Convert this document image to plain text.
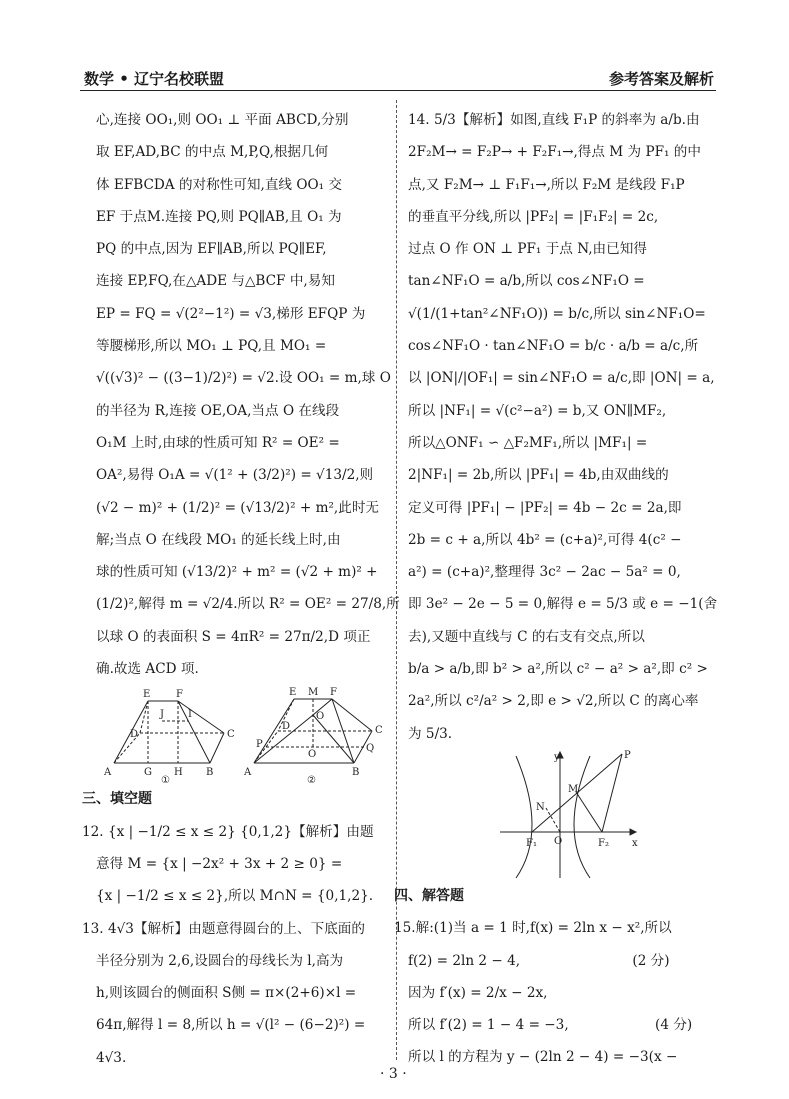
数学 • 辽宁名校联盟	参考答案及解析
心,连接 OO₁,则 OO₁ ⊥ 平面 ABCD,分别
取 EF,AD,BC 的中点 M,P,Q,根据几何
体 EFBCDA 的对称性可知,直线 OO₁ 交
EF 于点M.连接 PQ,则 PQ∥AB,且 O₁ 为
PQ 的中点,因为 EF∥AB,所以 PQ∥EF,
连接 EP,FQ,在△ADE 与△BCF 中,易知
EP = FQ = √(2²−1²) = √3,梯形 EFQP 为
等腰梯形,所以 MO₁ ⊥ PQ,且 MO₁ =
√((√3)² − ((3−1)/2)²) = √2.设 OO₁ = m,球 O
的半径为 R,连接 OE,OA,当点 O 在线段
O₁M 上时,由球的性质可知 R² = OE² =
OA²,易得 O₁A = √(1² + (3/2)²) = √13/2,则
(√2 − m)² + (1/2)² = (√13/2)² + m²,此时无
解;当点 O 在线段 MO₁ 的延长线上时,由
球的性质可知 (√13/2)² + m² = (√2 + m)² +
(1/2)²,解得 m = √2/4.所以 R² = OE² = 27/8,所
以球 O 的表面积 S = 4πR² = 27π/2,D 项正
确.故选 ACD 项.
E	F
D
J I
C
A	G H B
①
E M F
D
O
C
P
O
Q
A	B
②
三、填空题
12. {x | −1/2 ≤ x ≤ 2} {0,1,2}【解析】由题
意得 M = {x | −2x² + 3x + 2 ≥ 0} =
{x | −1/2 ≤ x ≤ 2},所以 M∩N = {0,1,2}.
13. 4√3【解析】由题意得圆台的上、下底面的
半径分别为 2,6,设圆台的母线长为 l,高为
h,则该圆台的侧面积 S侧 = π×(2+6)×l =
64π,解得 l = 8,所以 h = √(l² − (6−2)²) =
4√3.
14. 5/3【解析】如图,直线 F₁P 的斜率为 a/b.由
2F₂M→ = F₂P→ + F₂F₁→,得点 M 为 PF₁ 的中
点,又 F₂M→ ⊥ F₁F₁→,所以 F₂M 是线段 F₁P
的垂直平分线,所以 |PF₂| = |F₁F₂| = 2c,
过点 O 作 ON ⊥ PF₁ 于点 N,由已知得
tan∠NF₁O = a/b,所以 cos∠NF₁O =
√(1/(1+tan²∠NF₁O)) = b/c,所以 sin∠NF₁O=
cos∠NF₁O · tan∠NF₁O = b/c · a/b = a/c,所
以 |ON|/|OF₁| = sin∠NF₁O = a/c,即 |ON| = a,
所以 |NF₁| = √(c²−a²) = b,又 ON∥MF₂,
所以△ONF₁ ∽ △F₂MF₁,所以 |MF₁| =
2|NF₁| = 2b,所以 |PF₁| = 4b,由双曲线的
定义可得 |PF₁| − |PF₂| = 4b − 2c = 2a,即
2b = c + a,所以 4b² = (c+a)²,可得 4(c² −
a²) = (c+a)²,整理得 3c² − 2ac − 5a² = 0,
即 3e² − 2e − 5 = 0,解得 e = 5/3 或 e = −1(舍
去),又题中直线与 C 的右支有交点,所以
b/a > a/b,即 b² > a²,所以 c² − a² > a²,即 c² >
2a²,所以 c²/a² > 2,即 e > √2,所以 C 的离心率
为 5/3.
y	P
M
N
F₁ O	F₂ x
四、解答题
15.解:(1)当 a = 1 时,f(x) = 2ln x − x²,所以
f(2) = 2ln 2 − 4,                          (2 分)
因为 f′(x) = 2/x − 2x,
所以 f′(2) = 1 − 4 = −3,                    (4 分)
所以 l 的方程为 y − (2ln 2 − 4) = −3(x −
· 3 ·
